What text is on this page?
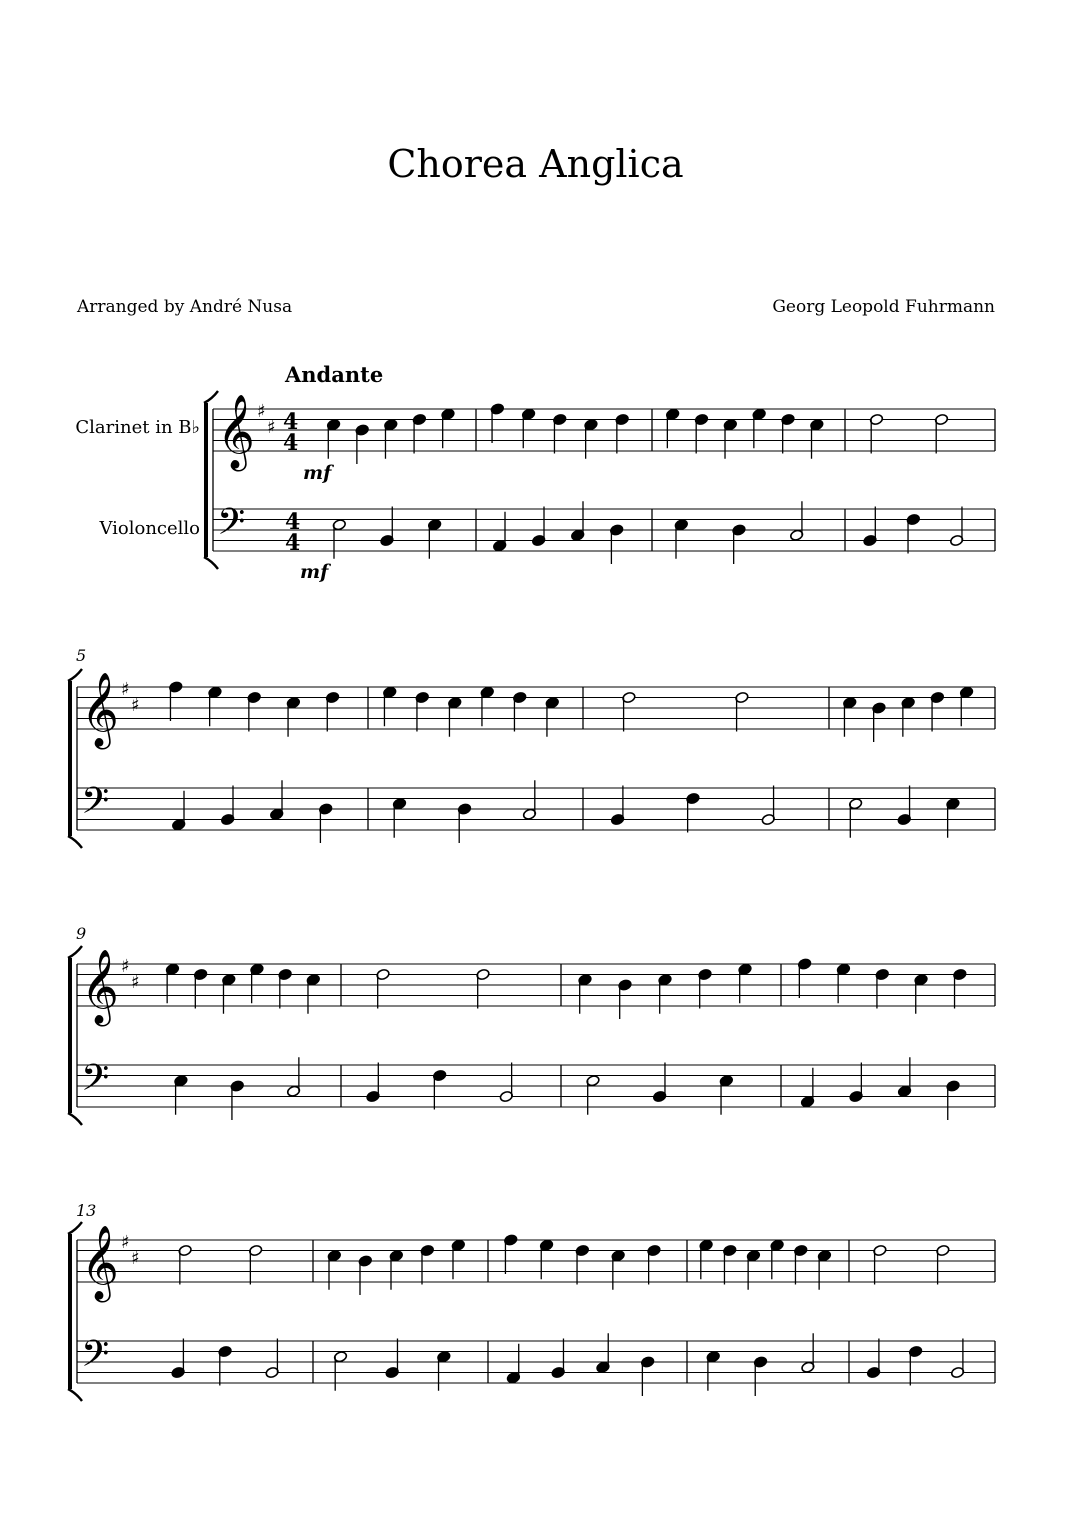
Chorea Anglica
Arranged by André Nusa	Georg Leopold Fuhrmann
Andante
Clarinet in B♭
Violoncello
mf
mf
5
9
13
𝄞
𝄢
♯
♯ 4
4
4
4
𝄞
𝄢
♯
♯
𝄞
𝄢
♯
♯
𝄞
𝄢
♯
♯
